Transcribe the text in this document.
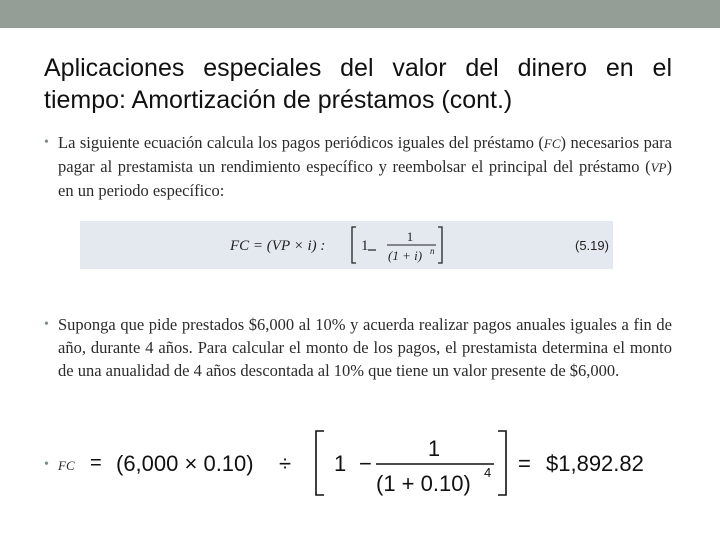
Aplicaciones especiales del valor del dinero en el tiempo: Amortización de préstamos (cont.)
• La siguiente ecuación calcula los pagos periódicos iguales del préstamo (FC) necesarios para pagar al prestamista un rendimiento específico y reembolsar el principal del préstamo (VP) en un periodo específico:
FC = (VP × i) : 1
1
(1 + i) n	(5.19)
• Suponga que pide prestados $6,000 al 10% y acuerda realizar pagos anuales iguales a fin de año, durante 4 años. Para calcular el monto de los pagos, el prestamista determina el monto de una anualidad de 4 años descontada al 10% que tiene un valor presente de $6,000.
• FC = (6,000 × 0.10) ÷ 1 −
1
(1 + 0.10) 4 = $1,892.82
